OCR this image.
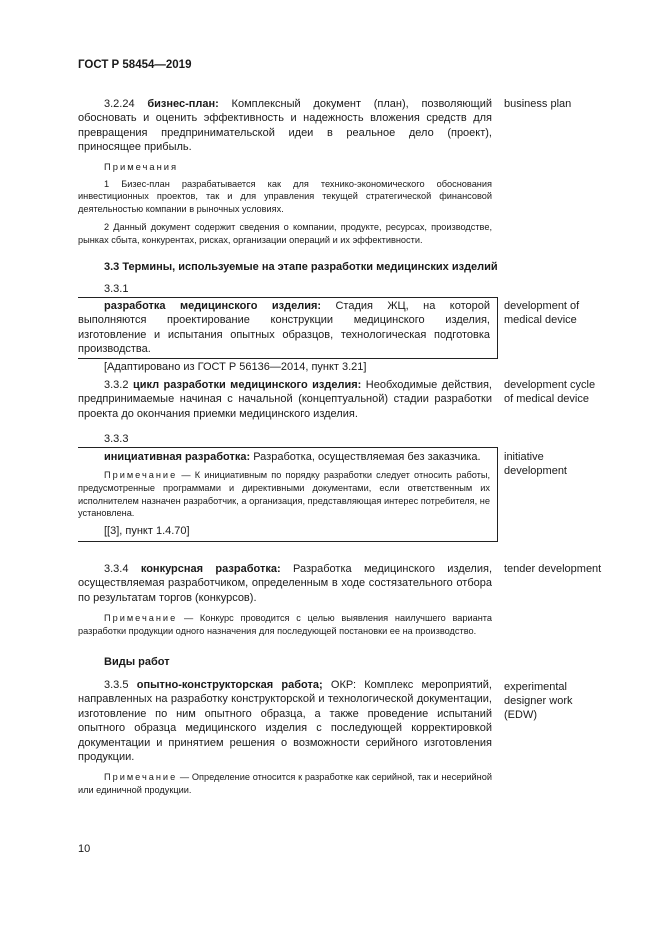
ГОСТ Р 58454—2019

3.2.24 бизнес-план: Комплексный документ (план), позволяющий обосновать и оценить эффективность и надежность вложения средств для превращения предпринимательской идеи в реальное дело (проект), приносящее прибыль.

Примечания

1 Бизес-план разрабатывается как для технико-экономического обоснования инвестиционных проектов, так и для управления текущей стратегической финансовой деятельностью компании в рыночных условиях.

2 Данный документ содержит сведения о компании, продукте, ресурсах, производстве, рынках сбыта, конкурентах, рисках, организации операций и их эффективности.

business plan
3.3 Термины, используемые на этапе разработки медицинских изделий
3.3.1

разработка медицинского изделия: Стадия ЖЦ, на которой выполняются проектирование конструкции медицинского изделия, изготовление и испытания опытных образцов, технологическая подготовка производства.

[Адаптировано из ГОСТ Р 56136—2014, пункт 3.21]

development of medical device

3.3.2 цикл разработки медицинского изделия: Необходимые действия, предпринимаемые начиная с начальной (концептуальной) стадии разработки проекта до окончания приемки медицинского изделия.

development cycle of medical device
3.3.3

инициативная разработка: Разработка, осуществляемая без заказчика.

Примечание — К инициативным по порядку разработки следует относить работы, предусмотренные программами и директивными документами, если ответственным их исполнителем назначен разработчик, а организация, представляющая интерес потребителя, не установлена.

[[3], пункт 1.4.70]

initiative development

3.3.4 конкурсная разработка: Разработка медицинского изделия, осуществляемая разработчиком, определенным в ходе состязательного отбора по результатам торгов (конкурсов).

Примечание — Конкурс проводится с целью выявления наилучшего варианта разработки продукции одного назначения для последующей постановки ее на производство.

tender development
Виды работ

3.3.5 опытно-конструкторская работа; ОКР: Комплекс мероприятий, направленных на разработку конструкторской и технологической документации, изготовление по ним опытного образца, а также проведение испытаний опытного образца медицинского изделия с последующей корректировкой документации и принятием решения о возможности серийного изготовления продукции.

Примечание — Определение относится к разработке как серийной, так и несерийной или единичной продукции.

experimental designer work (EDW)
10
